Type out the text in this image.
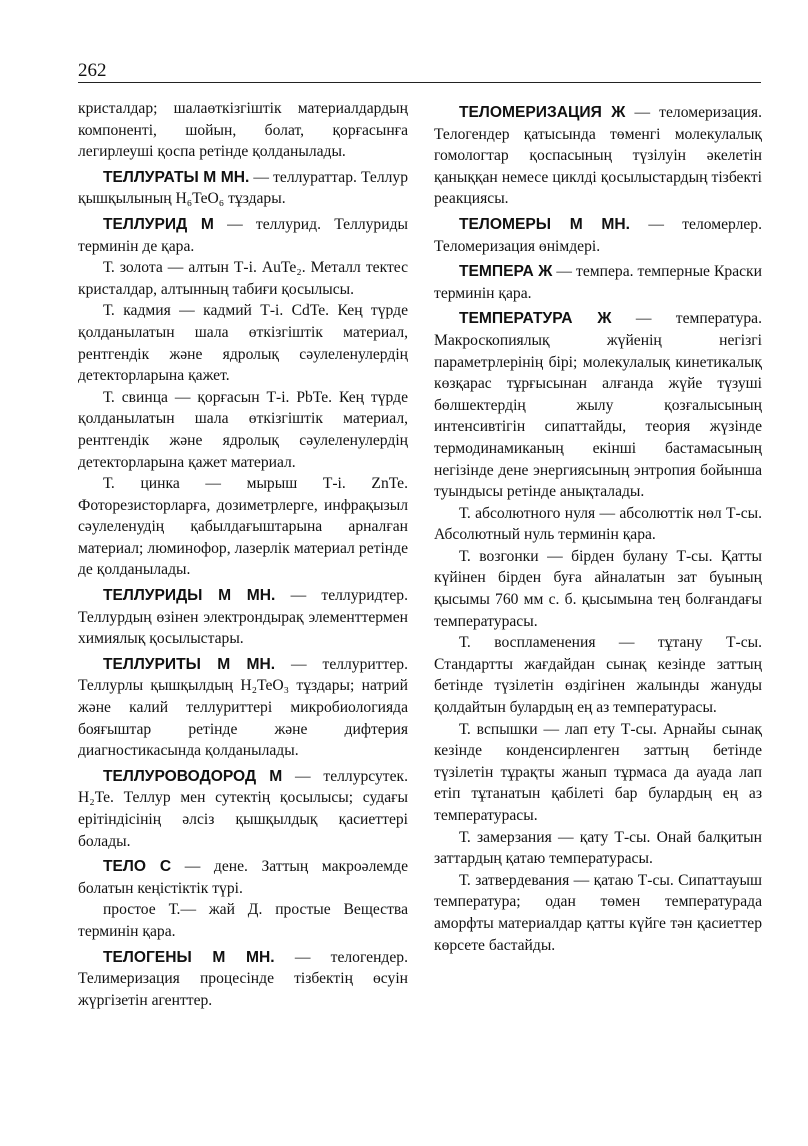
262

кристалдар; шалаөткізгіштік материалдардың компоненті, шойын, болат, қорғасынға легирлеуші қоспа ретінде қолданылады.

ТЕЛЛУРАТЫ М МН. — теллураттар. Теллур қышқылының H₆TeO₆ тұздары.

ТЕЛЛУРИД М — теллурид. Теллуриды терминін де қара.

Т. золота — алтын Т-і. AuTe₂. Металл тектес кристалдар, алтынның табиғи қосылысы.

Т. кадмия — кадмий Т-і. CdTe. Кең түрде қолданылатын шала өткізгіштік материал, рентгендік және ядролық сәулеленулердің детекторларына қажет.

Т. свинца — қорғасын Т-і. PbTe. Кең түрде қолданылатын шала өткізгіштік материал, рентгендік және ядролық сәулеленулердің детекторларына қажет материал.

Т. цинка — мырыш Т-і. ZnTe. Фоторезисторларға, дозиметрлерге, инфрақызыл сәулеленудің қабылдағыштарына арналған материал; люминофор, лазерлік материал ретінде де қолданылады.

ТЕЛЛУРИДЫ М МН. — теллуридтер. Теллурдың өзінен электрондырақ элементтермен химиялық қосылыстары.

ТЕЛЛУРИТЫ М МН. — теллуриттер. Теллурлы қышқылдың H₂TeO₃ тұздары; натрий және калий теллуриттері микробиологияда бояғыштар ретінде және дифтерия диагностикасында қолданылады.

ТЕЛЛУРОВОДОРОД М — теллурсутек. H₂Te. Теллур мен сутектің қосылысы; судағы ерітіндісінің әлсіз қышқылдық қасиеттері болады.

ТЕЛО С — дене. Заттың макроәлемде болатын кеңістіктік түрі.

простое Т.— жай Д. простые Вещества терминін қара.

ТЕЛОГЕНЫ М МН. — телогендер. Телимеризация процесінде тізбектің өсуін жүргізетін агенттер.

ТЕЛОМЕРИЗАЦИЯ Ж — теломеризация. Телогендер қатысында төменгі молекулалық гомологтар қоспасының түзілуін әкелетін қаныққан немесе циклді қосылыстардың тізбекті реакциясы.

ТЕЛОМЕРЫ М МН. — теломерлер. Теломеризация өнімдері.

ТЕМПЕРА Ж — темпера. темперные Краски терминін қара.

ТЕМПЕРАТУРА Ж — температура. Макроскопиялық жүйенің негізгі параметрлерінің бірі; молекулалық кинетикалық көзқарас тұрғысынан алғанда жүйе түзуші бөлшектердің жылу қозғалысының интенсивтігін сипаттайды, теория жүзінде термодинамиканың екінші бастамасының негізінде дене энергиясының энтропия бойынша туындысы ретінде анықталады.

Т. абсолютного нуля — абсолюттік нөл Т-сы. Абсолютный нуль терминін қара.

Т. возгонки — бірден булану Т-сы. Қатты күйінен бірден буға айналатын зат буының қысымы 760 мм с. б. қысымына тең болғандағы температурасы.

Т. воспламенения — тұтану Т-сы. Стандартты жағдайдан сынақ кезінде заттың бетінде түзілетін өздігінен жалынды жануды қолдайтын булардың ең аз температурасы.

Т. вспышки — лап ету Т-сы. Арнайы сынақ кезінде конденсирленген заттың бетінде түзілетін тұрақты жанып тұрмаса да ауада лап етіп тұтанатын қабілеті бар булардың ең аз температурасы.

Т. замерзания — қату Т-сы. Онай балқитын заттардың қатаю температурасы.

Т. затвердевания — қатаю Т-сы. Сипаттауыш температура; одан төмен температурада аморфты материалдар қатты күйге тән қасиеттер көрсете бастайды.
